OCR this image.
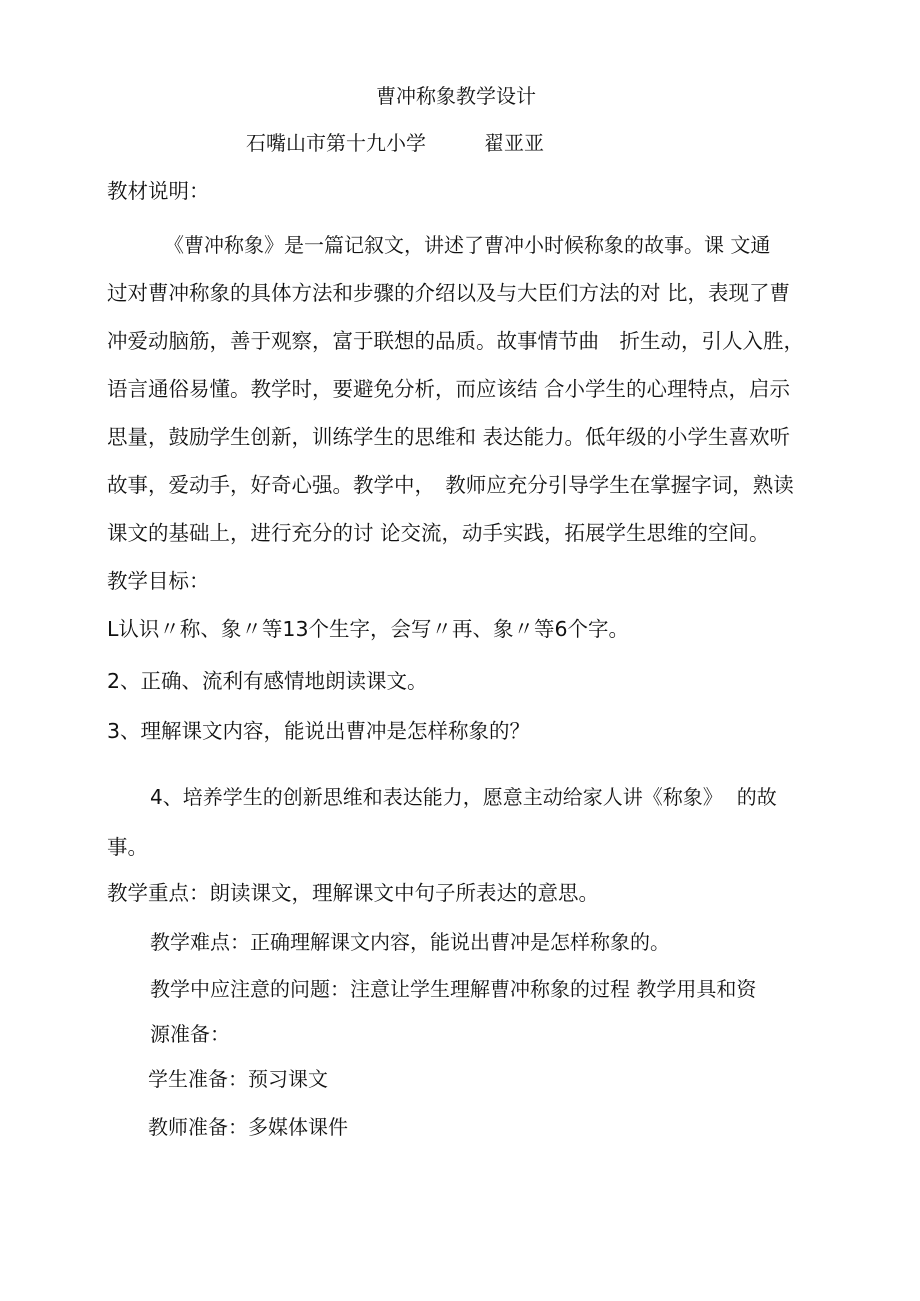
曹冲称象教学设计
石嘴山市第十九小学	翟亚亚
教材说明：
《曹冲称象》是一篇记叙文，讲述了曹冲小时候称象的故事。课 文通
过对曹冲称象的具体方法和步骤的介绍以及与大臣们方法的对 比，表现了曹
冲爱动脑筋，善于观察，富于联想的品质。故事情节曲　折生动，引人入胜，
语言通俗易懂。教学时，要避免分析，而应该结 合小学生的心理特点，启示
思量，鼓励学生创新，训练学生的思维和 表达能力。低年级的小学生喜欢听
故事，爱动手，好奇心强。教学中，　教师应充分引导学生在掌握字词，熟读
课文的基础上，进行充分的讨 论交流，动手实践，拓展学生思维的空间。
教学目标：
L认识〃称、象〃等13个生字，会写〃再、象〃等6个字。
2、正确、流利有感情地朗读课文。
3、理解课文内容，能说出曹冲是怎样称象的？
4、培养学生的创新思维和表达能力，愿意主动给家人讲《称象》 的故
事。
教学重点：朗读课文，理解课文中句子所表达的意思。
教学难点：正确理解课文内容，能说出曹冲是怎样称象的。
教学中应注意的问题：注意让学生理解曹冲称象的过程 教学用具和资
源准备：
学生准备：预习课文
教师准备：多媒体课件
